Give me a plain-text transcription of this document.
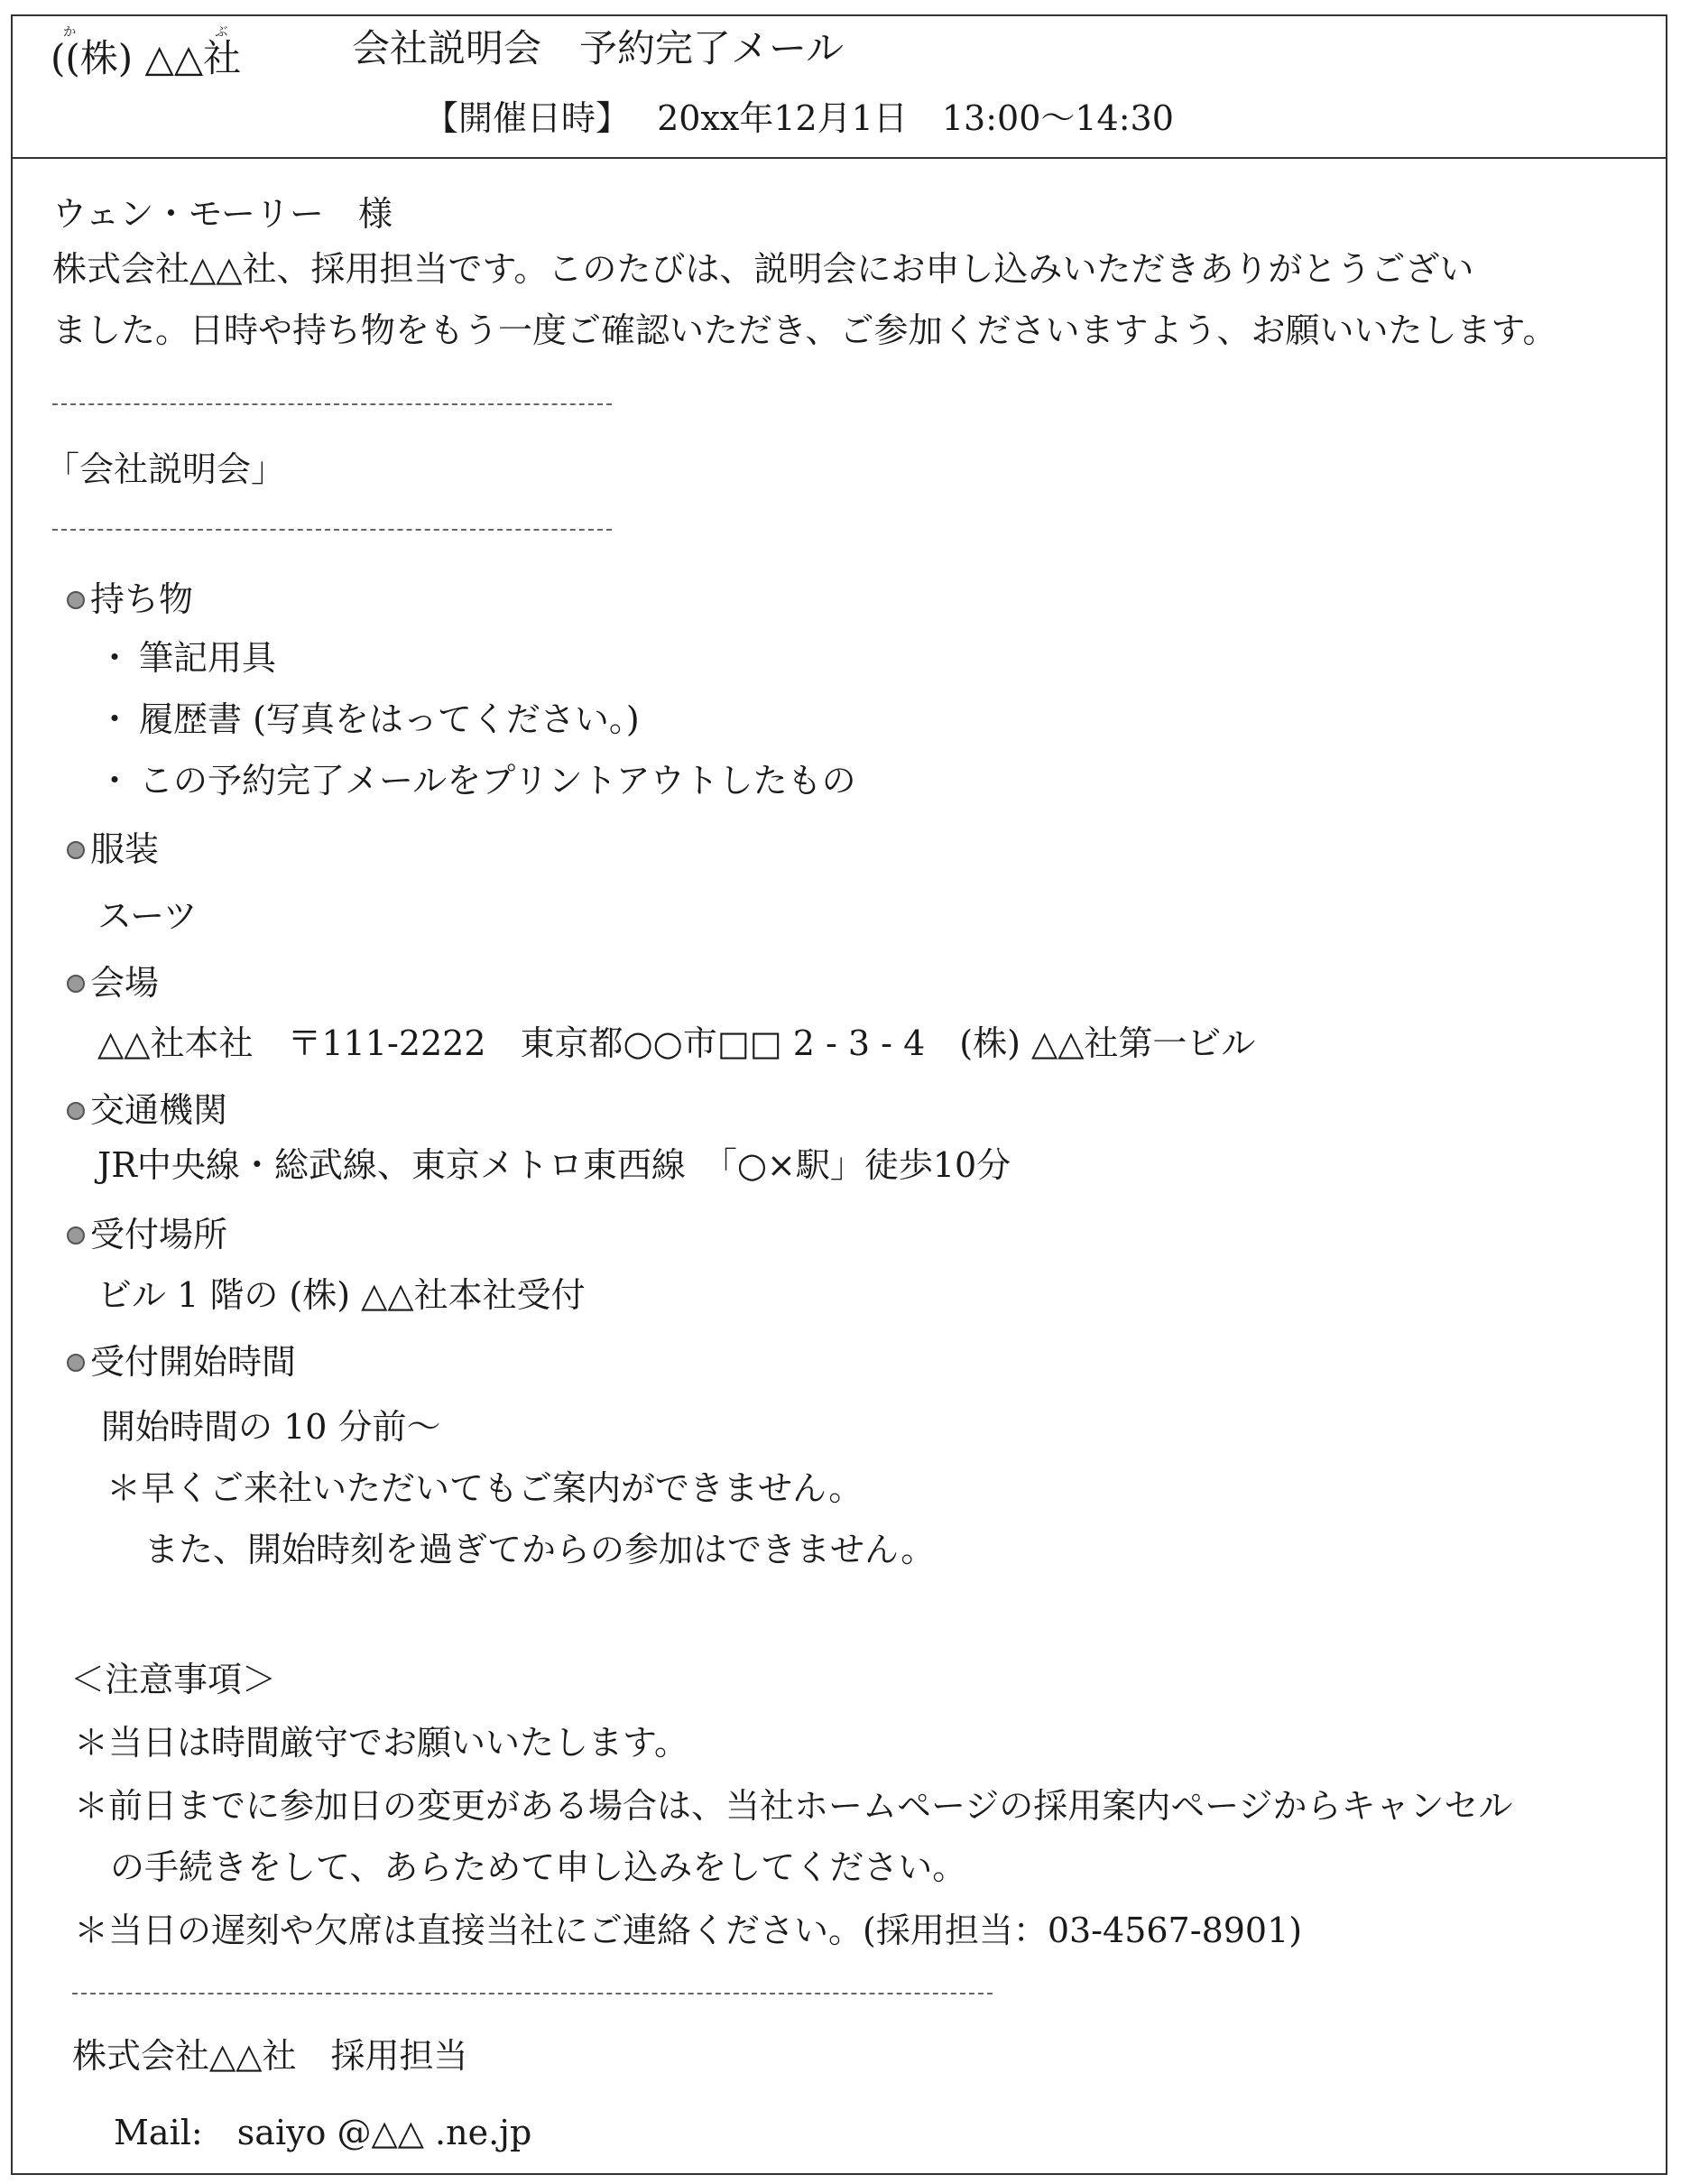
((株) △△社かぶ	会社説明会　予約完了メール
【開催日時】 20xx年12月1日　13:00〜14:30
ウェン・モーリー　様
株式会社△△社、採用担当です。このたびは、説明会にお申し込みいただきありがとうござい
ました。日時や持ち物をもう一度ご確認いただき、ご参加くださいますよう、お願いいたします。
「会社説明会」
持ち物
・ 筆記用具
・ 履歴書 (写真をはってください。)
・ この予約完了メールをプリントアウトしたもの
服装
スーツ
会場
△△社本社　〒111-2222　東京都○○市□□ 2 - 3 - 4　(株) △△社第一ビル
交通機関
JR中央線・総武線、東京メトロ東西線　「○×駅」徒歩10分
受付場所
ビル 1 階の (株) △△社本社受付
受付開始時間
開始時間の 10 分前〜
＊早くご来社いただいてもご案内ができません。
また、開始時刻を過ぎてからの参加はできません。
＜注意事項＞
＊当日は時間厳守でお願いいたします。
＊前日までに参加日の変更がある場合は、当社ホームページの採用案内ページからキャンセル
の手続きをして、あらためて申し込みをしてください。
＊当日の遅刻や欠席は直接当社にご連絡ください。(採用担当：03-4567-8901)
株式会社△△社　採用担当
Mail: saiyo @△△ .ne.jp
